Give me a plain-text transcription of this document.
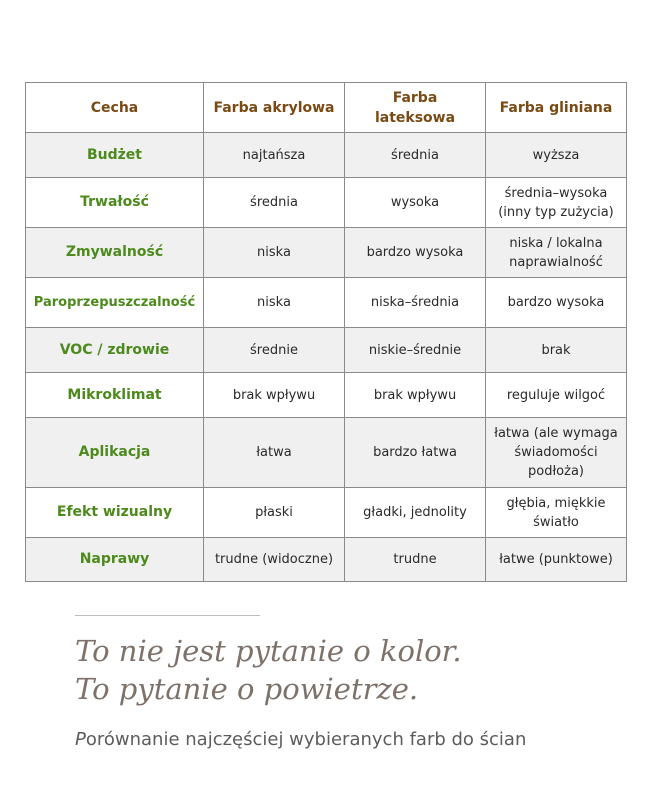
Cecha	Farba akrylowa	Farba lateksowa	Farba gliniana
Budżet	najtańsza	średnia	wyższa
Trwałość	średnia	wysoka	średnia–wysoka (inny typ zużycia)
Zmywalność	niska	bardzo wysoka	niska / lokalna naprawialność
Paroprzepuszczalność	niska	niska–średnia	bardzo wysoka
VOC / zdrowie	średnie	niskie–średnie	brak
Mikroklimat	brak wpływu	brak wpływu	reguluje wilgoć
Aplikacja	łatwa	bardzo łatwa	łatwa (ale wymaga świadomości podłoża)
Efekt wizualny	płaski	gładki, jednolity	głębia, miękkie światło
Naprawy	trudne (widoczne)	trudne	łatwe (punktowe)
To nie jest pytanie o kolor.
To pytanie o powietrze.
Porównanie najczęściej wybieranych farb do ścian
